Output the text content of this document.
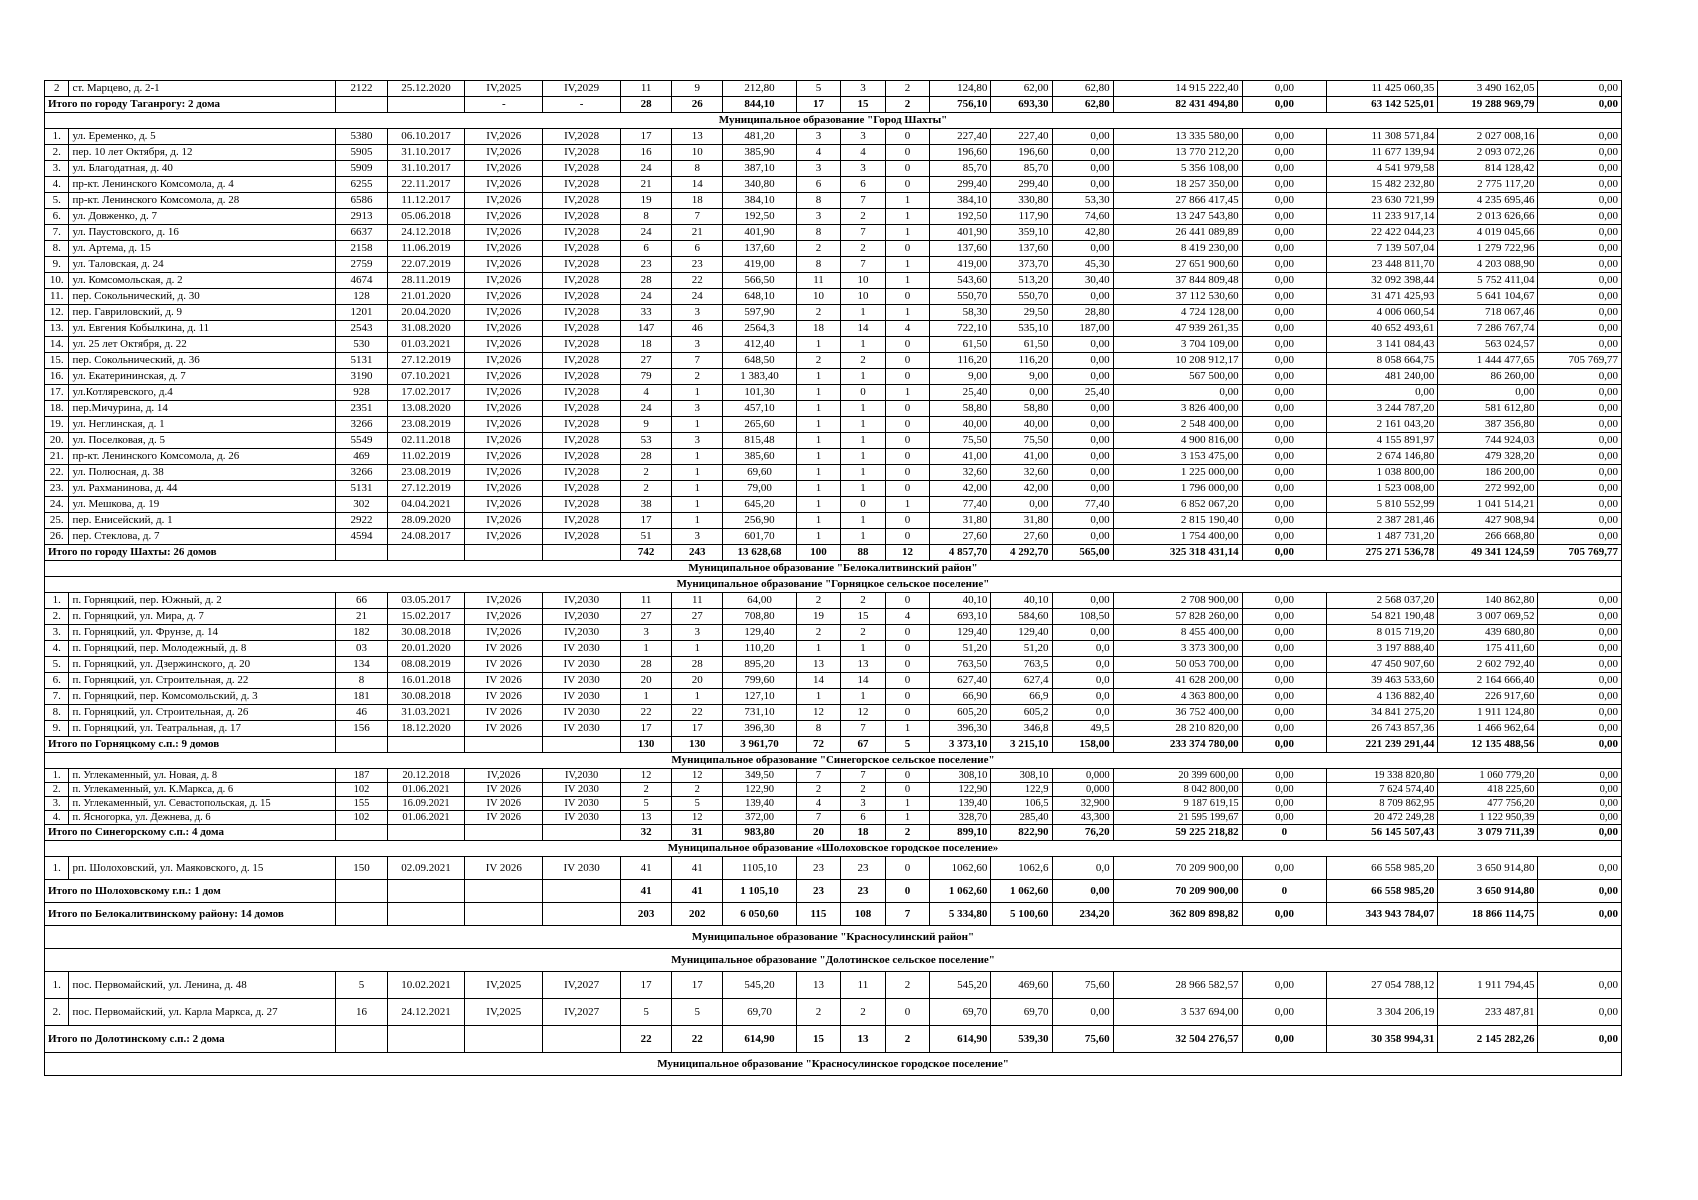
2	ст. Марцево, д. 2-1	2122	25.12.2020	IV,2025	IV,2029	11	9	212,80	5	3	2	124,80	62,00	62,80	14 915 222,40	0,00	11 425 060,35	3 490 162,05	0,00
Итого по городу Таганрогу: 2 дома				-	-	28	26	844,10	17	15	2	756,10	693,30	62,80	82 431 494,80	0,00	63 142 525,01	19 288 969,79	0,00
Муниципальное образование "Город Шахты"																			
1.	ул. Еременко, д. 5	5380	06.10.2017	IV,2026	IV,2028	17	13	481,20	3	3	0	227,40	227,40	0,00	13 335 580,00	0,00	11 308 571,84	2 027 008,16	0,00
2.	пер. 10 лет Октября, д. 12	5905	31.10.2017	IV,2026	IV,2028	16	10	385,90	4	4	0	196,60	196,60	0,00	13 770 212,20	0,00	11 677 139,94	2 093 072,26	0,00
3.	ул. Благодатная, д. 40	5909	31.10.2017	IV,2026	IV,2028	24	8	387,10	3	3	0	85,70	85,70	0,00	5 356 108,00	0,00	4 541 979,58	814 128,42	0,00
4.	пр-кт. Ленинского Комсомола, д. 4	6255	22.11.2017	IV,2026	IV,2028	21	14	340,80	6	6	0	299,40	299,40	0,00	18 257 350,00	0,00	15 482 232,80	2 775 117,20	0,00
5.	пр-кт. Ленинского Комсомола, д. 28	6586	11.12.2017	IV,2026	IV,2028	19	18	384,10	8	7	1	384,10	330,80	53,30	27 866 417,45	0,00	23 630 721,99	4 235 695,46	0,00
6.	ул. Довженко, д. 7	2913	05.06.2018	IV,2026	IV,2028	8	7	192,50	3	2	1	192,50	117,90	74,60	13 247 543,80	0,00	11 233 917,14	2 013 626,66	0,00
7.	ул. Паустовского, д. 16	6637	24.12.2018	IV,2026	IV,2028	24	21	401,90	8	7	1	401,90	359,10	42,80	26 441 089,89	0,00	22 422 044,23	4 019 045,66	0,00
8.	ул. Артема, д. 15	2158	11.06.2019	IV,2026	IV,2028	6	6	137,60	2	2	0	137,60	137,60	0,00	8 419 230,00	0,00	7 139 507,04	1 279 722,96	0,00
9.	ул. Таловская, д. 24	2759	22.07.2019	IV,2026	IV,2028	23	23	419,00	8	7	1	419,00	373,70	45,30	27 651 900,60	0,00	23 448 811,70	4 203 088,90	0,00
10.	ул. Комсомольская, д. 2	4674	28.11.2019	IV,2026	IV,2028	28	22	566,50	11	10	1	543,60	513,20	30,40	37 844 809,48	0,00	32 092 398,44	5 752 411,04	0,00
11.	пер. Сокольнический, д. 30	128	21.01.2020	IV,2026	IV,2028	24	24	648,10	10	10	0	550,70	550,70	0,00	37 112 530,60	0,00	31 471 425,93	5 641 104,67	0,00
12.	пер. Гавриловский, д. 9	1201	20.04.2020	IV,2026	IV,2028	33	3	597,90	2	1	1	58,30	29,50	28,80	4 724 128,00	0,00	4 006 060,54	718 067,46	0,00
13.	ул. Евгения Кобылкина, д. 11	2543	31.08.2020	IV,2026	IV,2028	147	46	2564,3	18	14	4	722,10	535,10	187,00	47 939 261,35	0,00	40 652 493,61	7 286 767,74	0,00
14.	ул. 25 лет Октября, д. 22	530	01.03.2021	IV,2026	IV,2028	18	3	412,40	1	1	0	61,50	61,50	0,00	3 704 109,00	0,00	3 141 084,43	563 024,57	0,00
15.	пер. Сокольнический, д. 36	5131	27.12.2019	IV,2026	IV,2028	27	7	648,50	2	2	0	116,20	116,20	0,00	10 208 912,17	0,00	8 058 664,75	1 444 477,65	705 769,77
16.	ул. Екатерининская, д. 7	3190	07.10.2021	IV,2026	IV,2028	79	2	1 383,40	1	1	0	9,00	9,00	0,00	567 500,00	0,00	481 240,00	86 260,00	0,00
17.	ул.Котляревского, д.4	928	17.02.2017	IV,2026	IV,2028	4	1	101,30	1	0	1	25,40	0,00	25,40	0,00	0,00	0,00	0,00	0,00
18.	пер.Мичурина, д. 14	2351	13.08.2020	IV,2026	IV,2028	24	3	457,10	1	1	0	58,80	58,80	0,00	3 826 400,00	0,00	3 244 787,20	581 612,80	0,00
19.	ул. Неглинская, д. 1	3266	23.08.2019	IV,2026	IV,2028	9	1	265,60	1	1	0	40,00	40,00	0,00	2 548 400,00	0,00	2 161 043,20	387 356,80	0,00
20.	ул. Поселковая, д. 5	5549	02.11.2018	IV,2026	IV,2028	53	3	815,48	1	1	0	75,50	75,50	0,00	4 900 816,00	0,00	4 155 891,97	744 924,03	0,00
21.	пр-кт. Ленинского Комсомола, д. 26	469	11.02.2019	IV,2026	IV,2028	28	1	385,60	1	1	0	41,00	41,00	0,00	3 153 475,00	0,00	2 674 146,80	479 328,20	0,00
22.	ул. Полюсная, д. 38	3266	23.08.2019	IV,2026	IV,2028	2	1	69,60	1	1	0	32,60	32,60	0,00	1 225 000,00	0,00	1 038 800,00	186 200,00	0,00
23.	ул. Рахманинова, д. 44	5131	27.12.2019	IV,2026	IV,2028	2	1	79,00	1	1	0	42,00	42,00	0,00	1 796 000,00	0,00	1 523 008,00	272 992,00	0,00
24.	ул. Мешкова, д. 19	302	04.04.2021	IV,2026	IV,2028	38	1	645,20	1	0	1	77,40	0,00	77,40	6 852 067,20	0,00	5 810 552,99	1 041 514,21	0,00
25.	пер. Енисейский, д. 1	2922	28.09.2020	IV,2026	IV,2028	17	1	256,90	1	1	0	31,80	31,80	0,00	2 815 190,40	0,00	2 387 281,46	427 908,94	0,00
26.	пер. Стеклова, д. 7	4594	24.08.2017	IV,2026	IV,2028	51	3	601,70	1	1	0	27,60	27,60	0,00	1 754 400,00	0,00	1 487 731,20	266 668,80	0,00
Итого по городу Шахты: 26 домов						742	243	13 628,68	100	88	12	4 857,70	4 292,70	565,00	325 318 431,14	0,00	275 271 536,78	49 341 124,59	705 769,77
Муниципальное образование "Белокалитвинский район"																			
Муниципальное образование "Горняцкое сельское поселение"																			
1.	п. Горняцкий, пер. Южный, д. 2	66	03.05.2017	IV,2026	IV,2030	11	11	64,00	2	2	0	40,10	40,10	0,00	2 708 900,00	0,00	2 568 037,20	140 862,80	0,00
2.	п. Горняцкий, ул. Мира, д. 7	21	15.02.2017	IV,2026	IV,2030	27	27	708,80	19	15	4	693,10	584,60	108,50	57 828 260,00	0,00	54 821 190,48	3 007 069,52	0,00
3.	п. Горняцкий, ул. Фрунзе, д. 14	182	30.08.2018	IV,2026	IV,2030	3	3	129,40	2	2	0	129,40	129,40	0,00	8 455 400,00	0,00	8 015 719,20	439 680,80	0,00
4.	п. Горняцкий, пер. Молодежный, д. 8	03	20.01.2020	IV 2026	IV 2030	1	1	110,20	1	1	0	51,20	51,20	0,0	3 373 300,00	0,00	3 197 888,40	175 411,60	0,00
5.	п. Горняцкий, ул. Дзержинского, д. 20	134	08.08.2019	IV 2026	IV 2030	28	28	895,20	13	13	0	763,50	763,5	0,0	50 053 700,00	0,00	47 450 907,60	2 602 792,40	0,00
6.	п. Горняцкий, ул. Строительная, д. 22	8	16.01.2018	IV 2026	IV 2030	20	20	799,60	14	14	0	627,40	627,4	0,0	41 628 200,00	0,00	39 463 533,60	2 164 666,40	0,00
7.	п. Горняцкий, пер. Комсомольский, д. 3	181	30.08.2018	IV 2026	IV 2030	1	1	127,10	1	1	0	66,90	66,9	0,0	4 363 800,00	0,00	4 136 882,40	226 917,60	0,00
8.	п. Горняцкий, ул. Строительная, д. 26	46	31.03.2021	IV 2026	IV 2030	22	22	731,10	12	12	0	605,20	605,2	0,0	36 752 400,00	0,00	34 841 275,20	1 911 124,80	0,00
9.	п. Горняцкий, ул. Театральная, д. 17	156	18.12.2020	IV 2026	IV 2030	17	17	396,30	8	7	1	396,30	346,8	49,5	28 210 820,00	0,00	26 743 857,36	1 466 962,64	0,00
Итого по Горняцкому с.п.: 9 домов						130	130	3 961,70	72	67	5	3 373,10	3 215,10	158,00	233 374 780,00	0,00	221 239 291,44	12 135 488,56	0,00
Муниципальное образование "Синегорское сельское поселение"																			
1.	п. Углекаменный, ул. Новая, д. 8	187	20.12.2018	IV,2026	IV,2030	12	12	349,50	7	7	0	308,10	308,10	0,000	20 399 600,00	0,00	19 338 820,80	1 060 779,20	0,00
2.	п. Углекаменный, ул. К.Маркса, д. 6	102	01.06.2021	IV 2026	IV 2030	2	2	122,90	2	2	0	122,90	122,9	0,000	8 042 800,00	0,00	7 624 574,40	418 225,60	0,00
3.	п. Углекаменный, ул. Севастопольская, д. 15	155	16.09.2021	IV 2026	IV 2030	5	5	139,40	4	3	1	139,40	106,5	32,900	9 187 619,15	0,00	8 709 862,95	477 756,20	0,00
4.	п. Ясногорка, ул. Дежнева, д. 6	102	01.06.2021	IV 2026	IV 2030	13	12	372,00	7	6	1	328,70	285,40	43,300	21 595 199,67	0,00	20 472 249,28	1 122 950,39	0,00
Итого по Синегорскому с.п.: 4 дома						32	31	983,80	20	18	2	899,10	822,90	76,20	59 225 218,82	0	56 145 507,43	3 079 711,39	0,00
Муниципальное образование «Шолоховское городское поселение»																			
1.	рп. Шолоховский, ул. Маяковского, д. 15	150	02.09.2021	IV 2026	IV 2030	41	41	1105,10	23	23	0	1062,60	1062,6	0,0	70 209 900,00	0,00	66 558 985,20	3 650 914,80	0,00
Итого по Шолоховскому г.п.: 1 дом						41	41	1 105,10	23	23	0	1 062,60	1 062,60	0,00	70 209 900,00	0	66 558 985,20	3 650 914,80	0,00
Итого по Белокалитвинскому району: 14 домов						203	202	6 050,60	115	108	7	5 334,80	5 100,60	234,20	362 809 898,82	0,00	343 943 784,07	18 866 114,75	0,00
Муниципальное образование "Красносулинский район"																			
Муниципальное образование "Долотинское сельское поселение"																			
1.	пос. Первомайский, ул. Ленина, д. 48	5	10.02.2021	IV,2025	IV,2027	17	17	545,20	13	11	2	545,20	469,60	75,60	28 966 582,57	0,00	27 054 788,12	1 911 794,45	0,00
2.	пос. Первомайский, ул. Карла Маркса, д. 27	16	24.12.2021	IV,2025	IV,2027	5	5	69,70	2	2	0	69,70	69,70	0,00	3 537 694,00	0,00	3 304 206,19	233 487,81	0,00
Итого по Долотинскому с.п.: 2 дома						22	22	614,90	15	13	2	614,90	539,30	75,60	32 504 276,57	0,00	30 358 994,31	2 145 282,26	0,00
Муниципальное образование "Красносулинское городское поселение"																			
